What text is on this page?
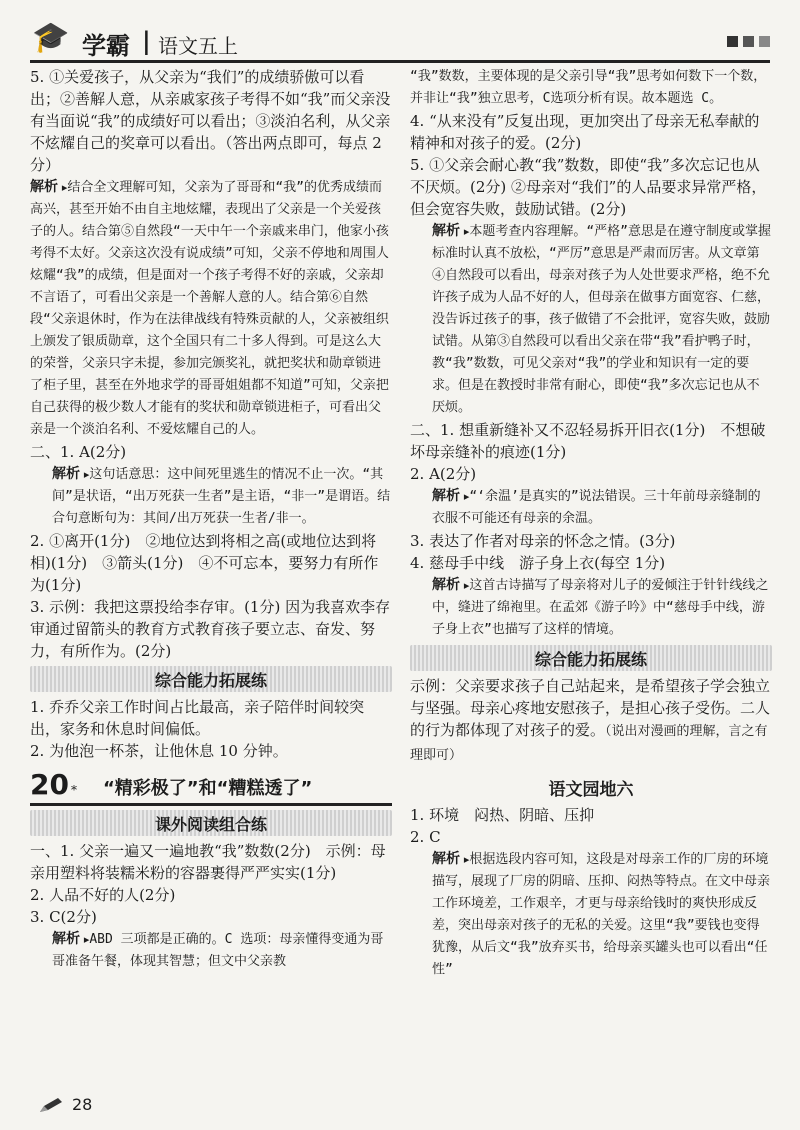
🎓 学霸 | 语文五上

5. ①关爱孩子，从父亲为“我们”的成绩骄傲可以看出；②善解人意，从亲戚家孩子考得不如“我”而父亲没有当面说“我”的成绩好可以看出；③淡泊名利，从父亲不炫耀自己的奖章可以看出。（答出两点即可，每点 2 分）

解析 ▸ 结合全文理解可知，父亲为了哥哥和“我”的优秀成绩而高兴，甚至开始不由自主地炫耀，表现出了父亲是一个关爱孩子的人。结合第⑤自然段“一天中午一个亲戚来串门，他家小孩考得不太好。父亲这次没有说成绩”可知，父亲不停地和周围人炫耀“我”的成绩，但是面对一个孩子考得不好的亲戚，父亲却不言语了，可看出父亲是一个善解人意的人。结合第⑥自然段“父亲退休时，作为在法律战线有特殊贡献的人，父亲被组织上颁发了银质勋章，这个全国只有二十多人得到。可是这么大的荣誉，父亲只字未提，参加完颁奖礼，就把奖状和勋章锁进了柜子里，甚至在外地求学的哥哥姐姐都不知道”可知，父亲把自己获得的极少数人才能有的奖状和勋章锁进柜子，可看出父亲是一个淡泊名利、不爱炫耀自己的人。

二、1. A(2分)

解析 ▸ 这句话意思：这中间死里逃生的情况不止一次。“其间”是状语，“出万死获一生者”是主语，“非一”是谓语。结合句意断句为：其间/出万死获一生者/非一。

2. ①离开(1分)　②地位达到将相之高(或地位达到将相)(1分)　③箭头(1分)　④不可忘本，要努力有所作为(1分)

3. 示例：我把这票投给李存审。(1分) 因为我喜欢李存审通过留箭头的教育方式教育孩子要立志、奋发、努力，有所作为。(2分)

综合能力拓展练

1. 乔乔父亲工作时间占比最高，亲子陪伴时间较突出，家务和休息时间偏低。

2. 为他泡一杯茶，让他休息 10 分钟。

20 * “精彩极了”和“糟糕透了”
课外阅读组合练

一、1. 父亲一遍又一遍地教“我”数数(2分)　示例：母亲用塑料将装糯米粉的容器裹得严严实实(1分)

2. 人品不好的人(2分)

3. C(2分)

解析 ▸ ABD 三项都是正确的。C 选项：母亲懂得变通为哥哥准备午餐，体现其智慧；但文中父亲教

“我”数数，主要体现的是父亲引导“我”思考如何数下一个数，并非让“我”独立思考，C选项分析有误。故本题选 C。

4. “从来没有”反复出现，更加突出了母亲无私奉献的精神和对孩子的爱。(2分)

5. ①父亲会耐心教“我”数数，即使“我”多次忘记也从不厌烦。(2分) ②母亲对“我们”的人品要求异常严格，但会宽容失败，鼓励试错。(2分)

解析 ▸ 本题考查内容理解。“严格”意思是在遵守制度或掌握标准时认真不放松，“严厉”意思是严肃而厉害。从文章第④自然段可以看出，母亲对孩子为人处世要求严格，绝不允许孩子成为人品不好的人，但母亲在做事方面宽容、仁慈，没告诉过孩子的事，孩子做错了不会批评，宽容失败，鼓励试错。从第③自然段可以看出父亲在带“我”看护鸭子时，教“我”数数，可见父亲对“我”的学业和知识有一定的要求。但是在教授时非常有耐心，即使“我”多次忘记也从不厌烦。

二、1. 想重新缝补又不忍轻易拆开旧衣(1分)　不想破坏母亲缝补的痕迹(1分)

2. A(2分)

解析 ▸ “‘余温’是真实的”说法错误。三十年前母亲缝制的衣服不可能还有母亲的余温。

3. 表达了作者对母亲的怀念之情。(3分)

4. 慈母手中线　游子身上衣(每空 1分)

解析 ▸ 这首古诗描写了母亲将对儿子的爱倾注于针针线线之中，缝进了绵袍里。在孟郊《游子吟》中“慈母手中线，游子身上衣”也描写了这样的情境。

综合能力拓展练

示例：父亲要求孩子自己站起来，是希望孩子学会独立与坚强。母亲心疼地安慰孩子，是担心孩子受伤。二人的行为都体现了对孩子的爱。（说出对漫画的理解，言之有理即可）

语文园地六

1. 环境　闷热、阴暗、压抑

2. C

解析 ▸ 根据选段内容可知，这段是对母亲工作的厂房的环境描写，展现了厂房的阴暗、压抑、闷热等特点。在文中母亲工作环境差，工作艰辛，才更与母亲给钱时的爽快形成反差，突出母亲对孩子的无私的关爱。这里“我”要钱也变得犹豫，从后文“我”放弃买书，给母亲买罐头也可以看出“任性”

28
